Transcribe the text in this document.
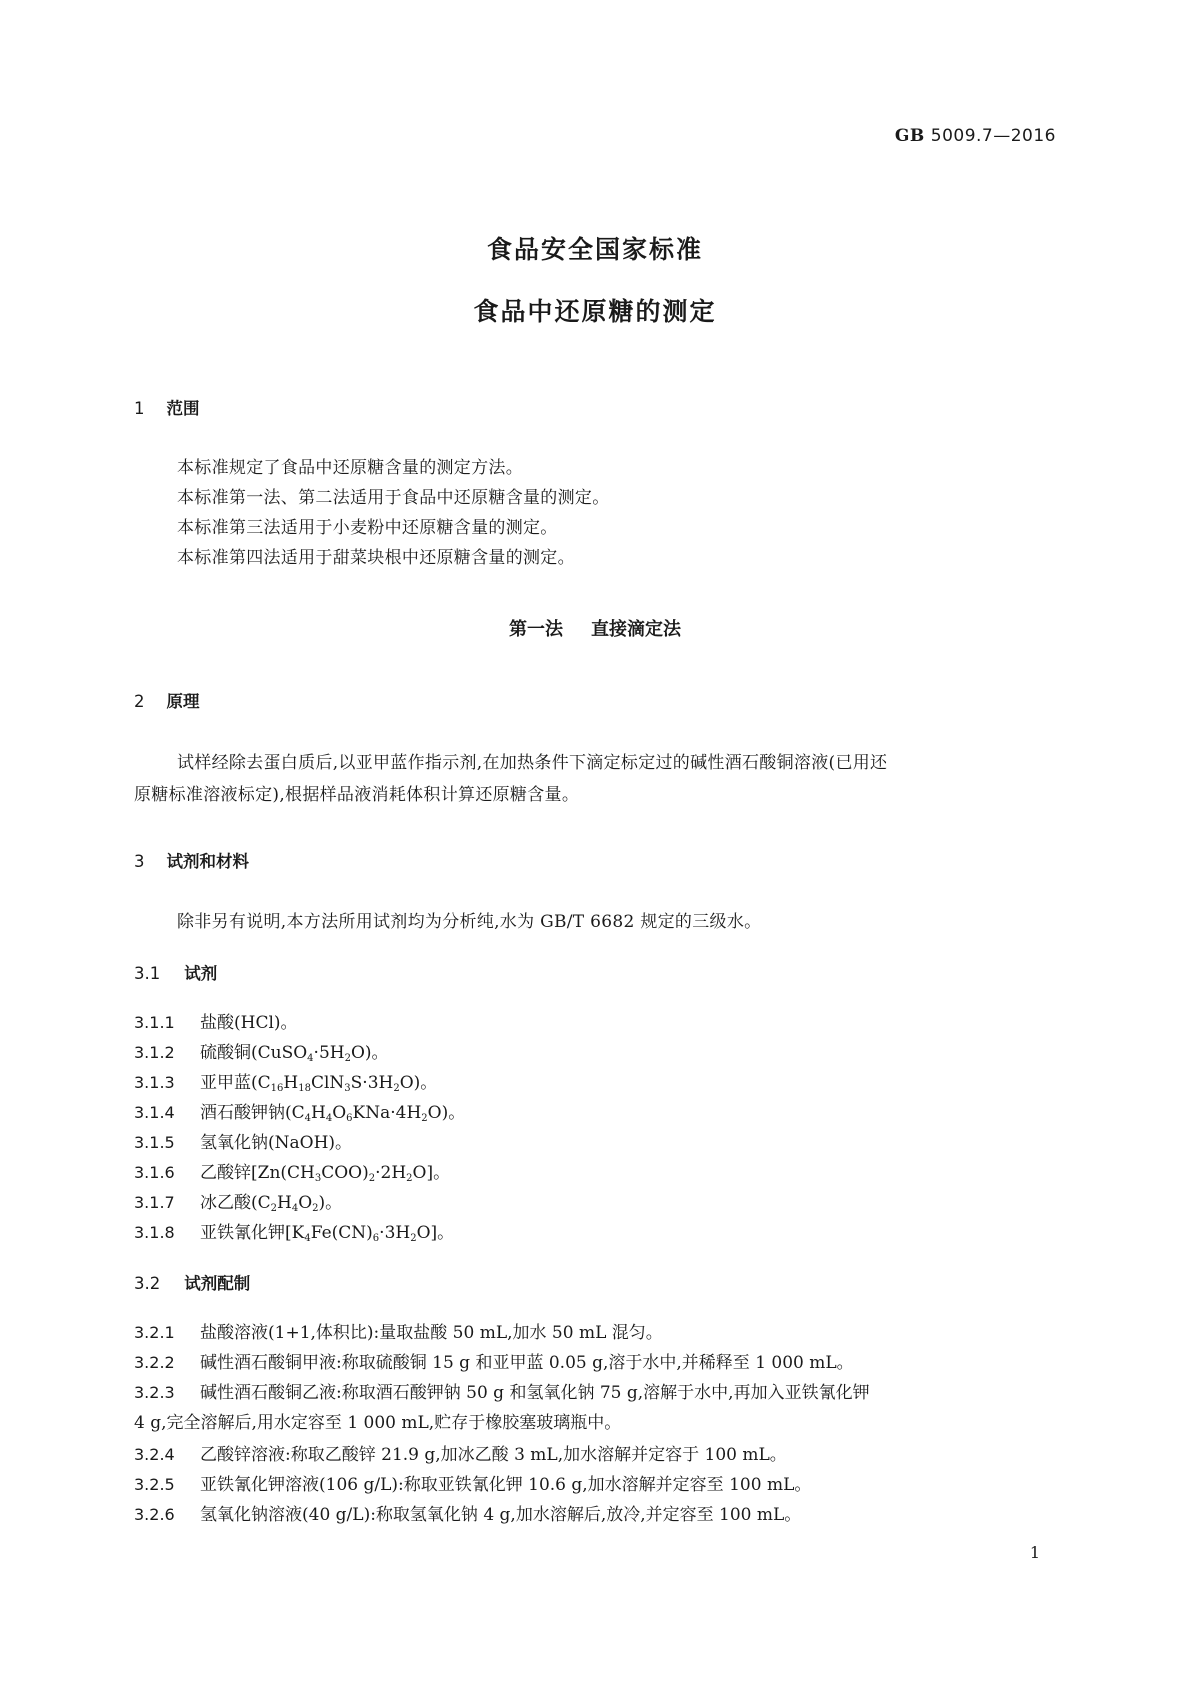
GB 5009.7—2016
食品安全国家标准
食品中还原糖的测定
1 范围
本标准规定了食品中还原糖含量的测定方法。
本标准第一法、第二法适用于食品中还原糖含量的测定。
本标准第三法适用于小麦粉中还原糖含量的测定。
本标准第四法适用于甜菜块根中还原糖含量的测定。
第一法 直接滴定法
2 原理
试样经除去蛋白质后,以亚甲蓝作指示剂,在加热条件下滴定标定过的碱性酒石酸铜溶液(已用还
原糖标准溶液标定),根据样品液消耗体积计算还原糖含量。
3 试剂和材料
除非另有说明,本方法所用试剂均为分析纯,水为 GB/T 6682 规定的三级水。
3.1 试剂
3.1.1 盐酸(HCl)。
3.1.2 硫酸铜$(CuSO_4\cdot 5H_2O)$。
3.1.3 亚甲蓝$(C_{16}H_{18}ClN_3S\cdot 3H_2O)$。
3.1.4 酒石酸钾钠$(C_4H_4O_6KNa\cdot 4H_2O)$。
3.1.5 氢氧化钠(NaOH)。
3.1.6 乙酸锌$[Zn(CH_3COO)_2\cdot 2H_2O]$。
3.1.7 冰乙酸$(C_2H_4O_2)$。
3.1.8 亚铁氰化钾$[K_4Fe(CN)_6\cdot 3H_2O]$。
3.2 试剂配制
3.2.1 盐酸溶液(1+1,体积比):量取盐酸 50 mL,加水 50 mL 混匀。
3.2.2 碱性酒石酸铜甲液:称取硫酸铜 15 g 和亚甲蓝 0.05 g,溶于水中,并稀释至 1 000 mL。
3.2.3 碱性酒石酸铜乙液:称取酒石酸钾钠 50 g 和氢氧化钠 75 g,溶解于水中,再加入亚铁氰化钾
4 g,完全溶解后,用水定容至 1 000 mL,贮存于橡胶塞玻璃瓶中。
3.2.4 乙酸锌溶液:称取乙酸锌 21.9 g,加冰乙酸 3 mL,加水溶解并定容于 100 mL。
3.2.5 亚铁氰化钾溶液(106 g/L):称取亚铁氰化钾 10.6 g,加水溶解并定容至 100 mL。
3.2.6 氢氧化钠溶液(40 g/L):称取氢氧化钠 4 g,加水溶解后,放冷,并定容至 100 mL。
1
